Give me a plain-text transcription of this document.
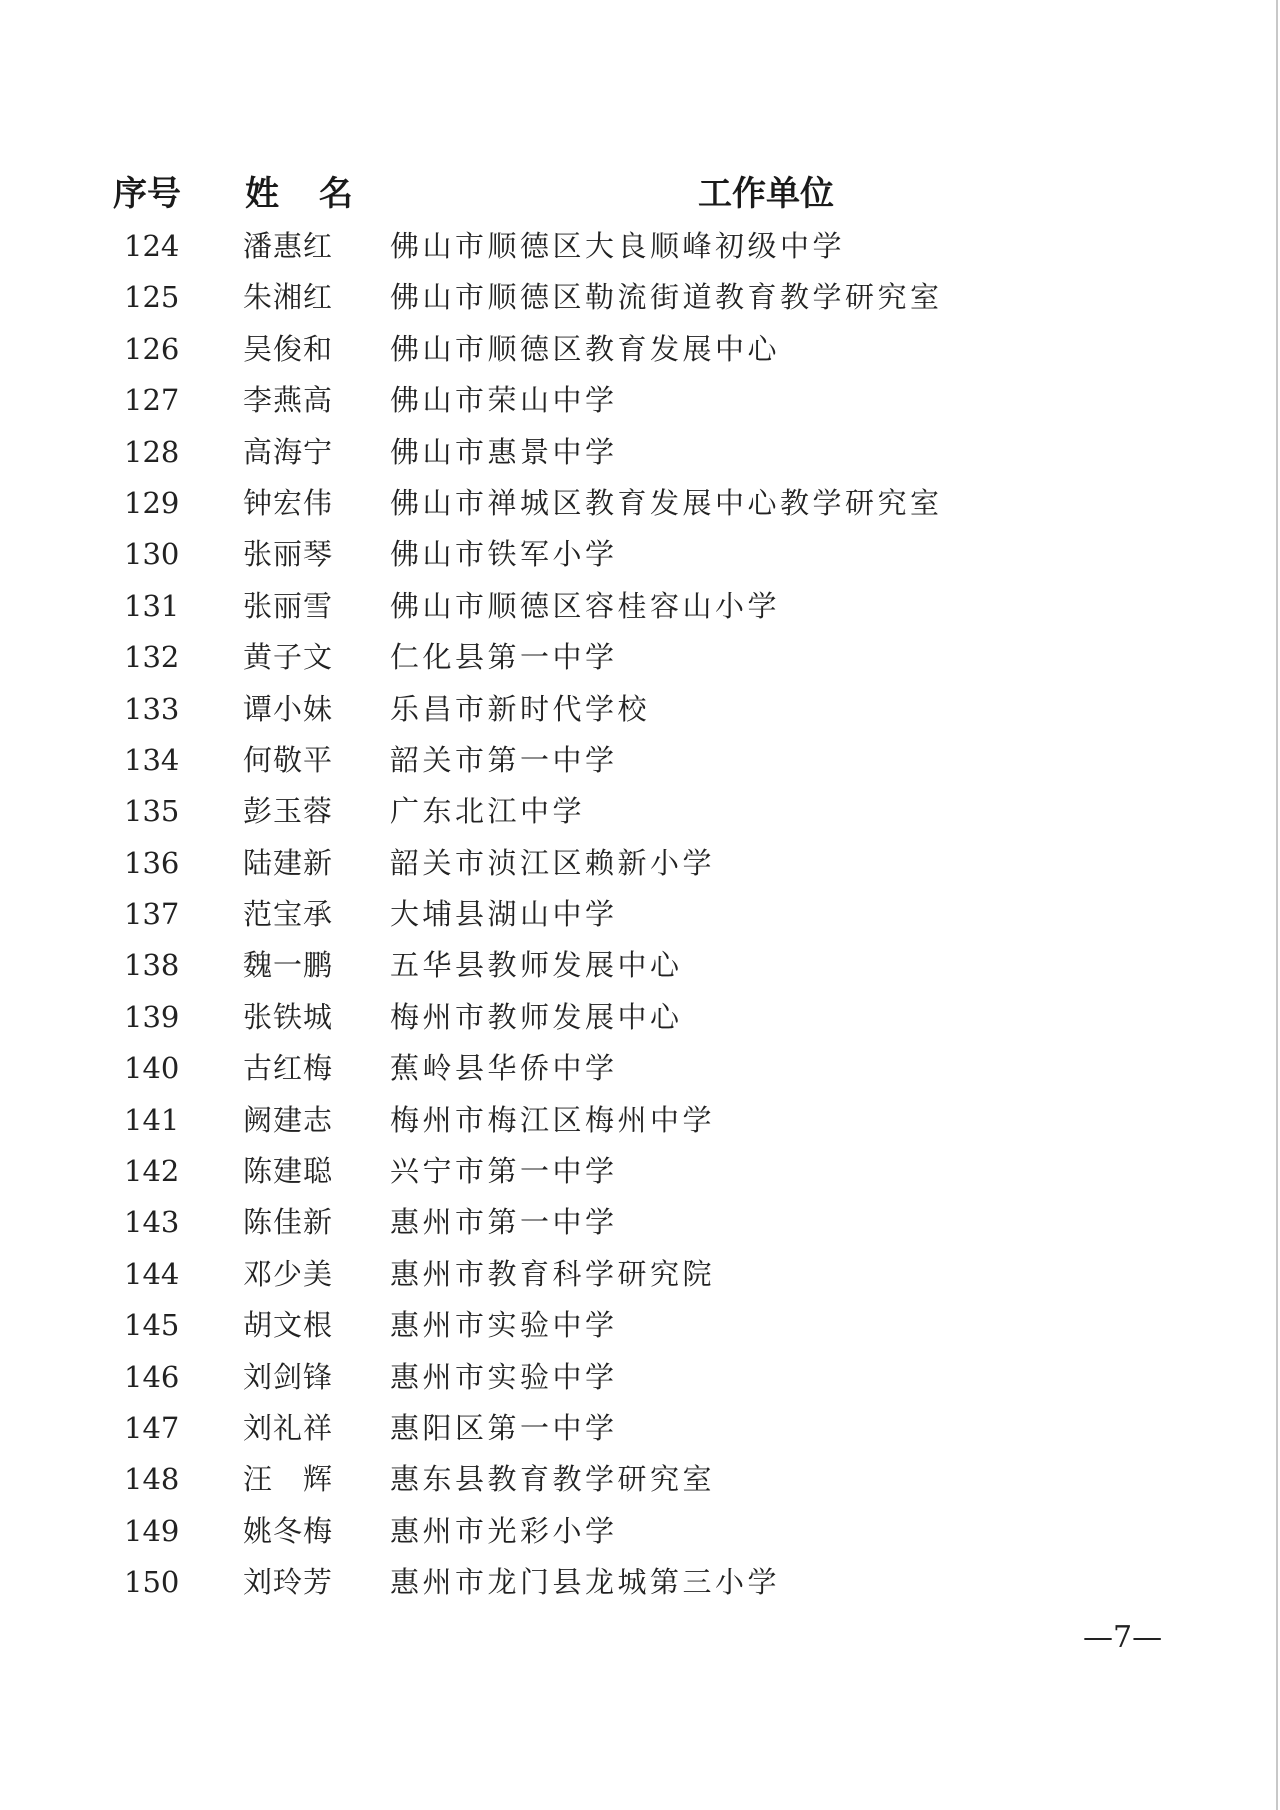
序号 姓 名	工作单位
124 潘惠红 佛山市顺德区大良顺峰初级中学
125 朱湘红 佛山市顺德区勒流街道教育教学研究室
126 吴俊和 佛山市顺德区教育发展中心
127 李燕高 佛山市荣山中学
128 高海宁 佛山市惠景中学
129 钟宏伟 佛山市禅城区教育发展中心教学研究室
130 张丽琴 佛山市铁军小学
131 张丽雪 佛山市顺德区容桂容山小学
132 黄子文 仁化县第一中学
133 谭小妹 乐昌市新时代学校
134 何敬平 韶关市第一中学
135 彭玉蓉 广东北江中学
136 陆建新 韶关市浈江区赖新小学
137 范宝承 大埔县湖山中学
138 魏一鹏 五华县教师发展中心
139 张铁城 梅州市教师发展中心
140 古红梅 蕉岭县华侨中学
141 阙建志 梅州市梅江区梅州中学
142 陈建聪 兴宁市第一中学
143 陈佳新 惠州市第一中学
144 邓少美 惠州市教育科学研究院
145 胡文根 惠州市实验中学
146 刘剑锋 惠州市实验中学
147 刘礼祥 惠阳区第一中学
148 汪　辉 惠东县教育教学研究室
149 姚冬梅 惠州市光彩小学
150 刘玲芳 惠州市龙门县龙城第三小学
—7—
